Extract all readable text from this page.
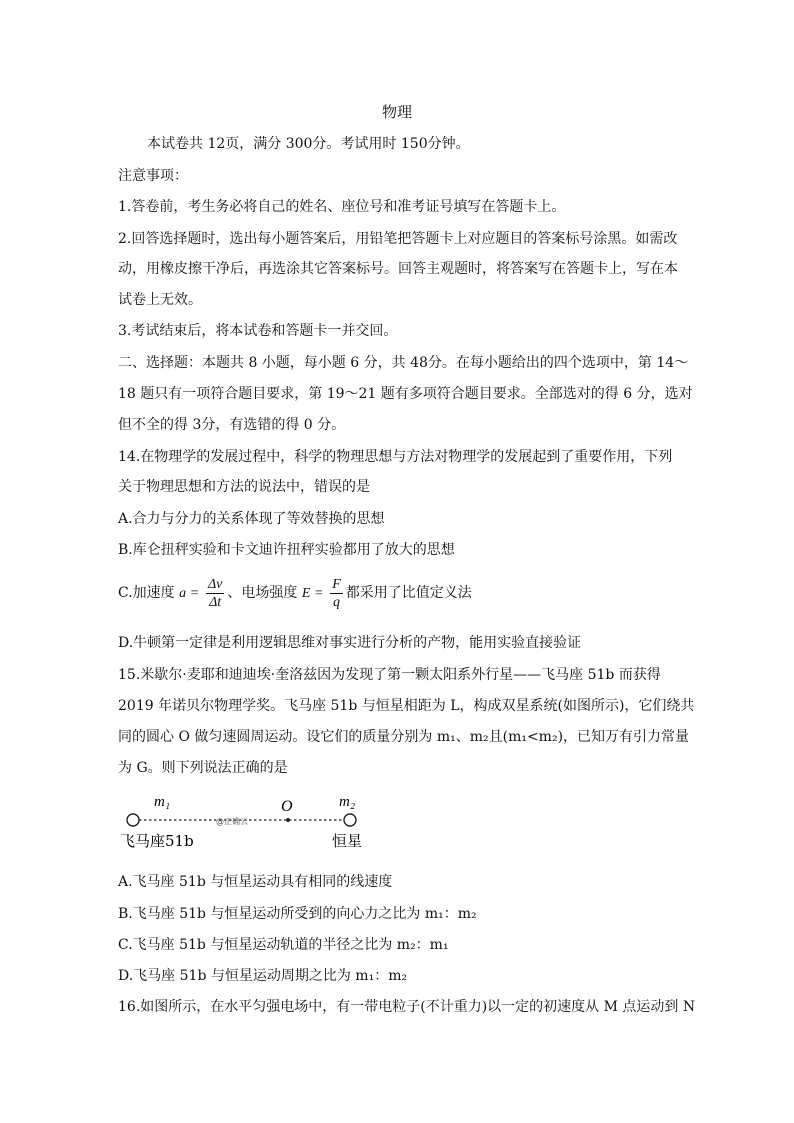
物理
本试卷共 12页，满分 300分。考试用时 150分钟。
注意事项：
1.答卷前，考生务必将自己的姓名、座位号和准考证号填写在答题卡上。
2.回答选择题时，选出每小题答案后，用铅笔把答题卡上对应题目的答案标号涂黑。如需改
动，用橡皮擦干净后，再选涂其它答案标号。回答主观题时，将答案写在答题卡上，写在本
试卷上无效。
3.考试结束后，将本试卷和答题卡一并交回。
二、选择题：本题共 8 小题，每小题 6 分，共 48分。在每小题给出的四个选项中，第 14～
18 题只有一项符合题目要求，第 19～21 题有多项符合题目要求。全部选对的得 6 分，选对
但不全的得 3分，有选错的得 0 分。
14.在物理学的发展过程中，科学的物理思想与方法对物理学的发展起到了重要作用，下列
关于物理思想和方法的说法中，错误的是
A.合力与分力的关系体现了等效替换的思想
B.库仑扭秤实验和卡文迪许扭秤实验都用了放大的思想
C.加速度 $a = \frac{\Delta v}{\Delta t}$ 、电场强度 $E = \frac{F}{q}$ 都采用了比值定义法
D.牛顿第一定律是利用逻辑思维对事实进行分析的产物，能用实验直接验证
15.米歇尔·麦耶和迪迪埃·奎洛兹因为发现了第一颗太阳系外行星——飞马座 51b 而获得
2019 年诺贝尔物理学奖。飞马座 51b 与恒星相距为 L，构成双星系统(如图所示)，它们绕共
同的圆心 O 做匀速圆周运动。设它们的质量分别为 m₁、m₂且(m₁<m₂)，已知万有引力常量
为 G。则下列说法正确的是
m₁	O	m₂
@正确云
飞马座51b	恒星
A.飞马座 51b 与恒星运动具有相同的线速度
B.飞马座 51b 与恒星运动所受到的向心力之比为 m₁：m₂
C.飞马座 51b 与恒星运动轨道的半径之比为 m₂：m₁
D.飞马座 51b 与恒星运动周期之比为 m₁：m₂
16.如图所示，在水平匀强电场中，有一带电粒子(不计重力)以一定的初速度从 M 点运动到 N
